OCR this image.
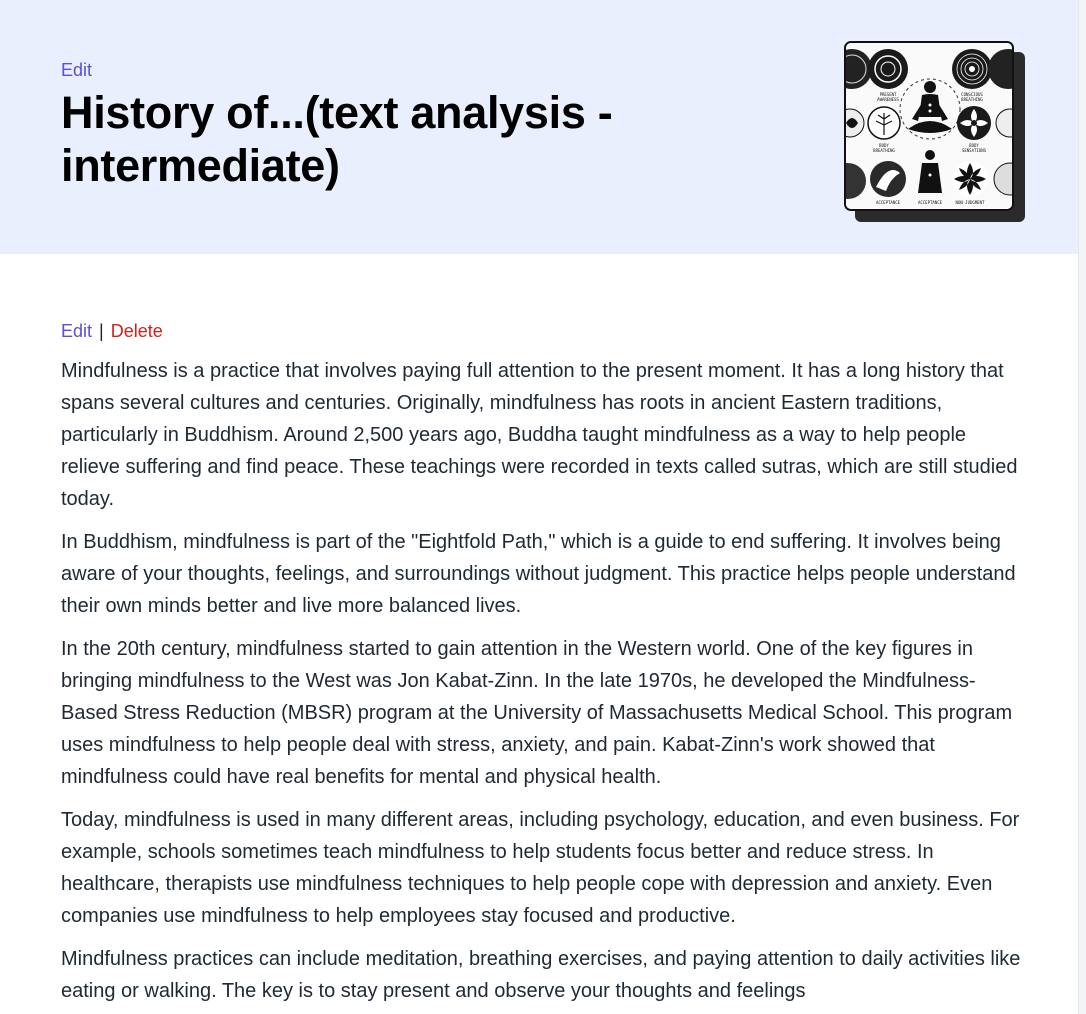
Edit
History of...(text analysis - intermediate)
PRESENT
AWARENESS
CONSCIOUS
BREATHING
BODY
BREATHING
BODY
SENSATIONS
ACCEPTANCE	ACCEPTANCE	NON-JUDGMENT
Edit | Delete

Mindfulness is a practice that involves paying full attention to the present moment. It has a long history that spans several cultures and centuries. Originally, mindfulness has roots in ancient Eastern traditions, particularly in Buddhism. Around 2,500 years ago, Buddha taught mindfulness as a way to help people relieve suffering and find peace. These teachings were recorded in texts called sutras, which are still studied today.

In Buddhism, mindfulness is part of the "Eightfold Path," which is a guide to end suffering. It involves being aware of your thoughts, feelings, and surroundings without judgment. This practice helps people understand their own minds better and live more balanced lives.

In the 20th century, mindfulness started to gain attention in the Western world. One of the key figures in bringing mindfulness to the West was Jon Kabat-Zinn. In the late 1970s, he developed the Mindfulness-Based Stress Reduction (MBSR) program at the University of Massachusetts Medical School. This program uses mindfulness to help people deal with stress, anxiety, and pain. Kabat-Zinn's work showed that mindfulness could have real benefits for mental and physical health.

Today, mindfulness is used in many different areas, including psychology, education, and even business. For example, schools sometimes teach mindfulness to help students focus better and reduce stress. In healthcare, therapists use mindfulness techniques to help people cope with depression and anxiety. Even companies use mindfulness to help employees stay focused and productive.

Mindfulness practices can include meditation, breathing exercises, and paying attention to daily activities like eating or walking. The key is to stay present and observe your thoughts and feelings
